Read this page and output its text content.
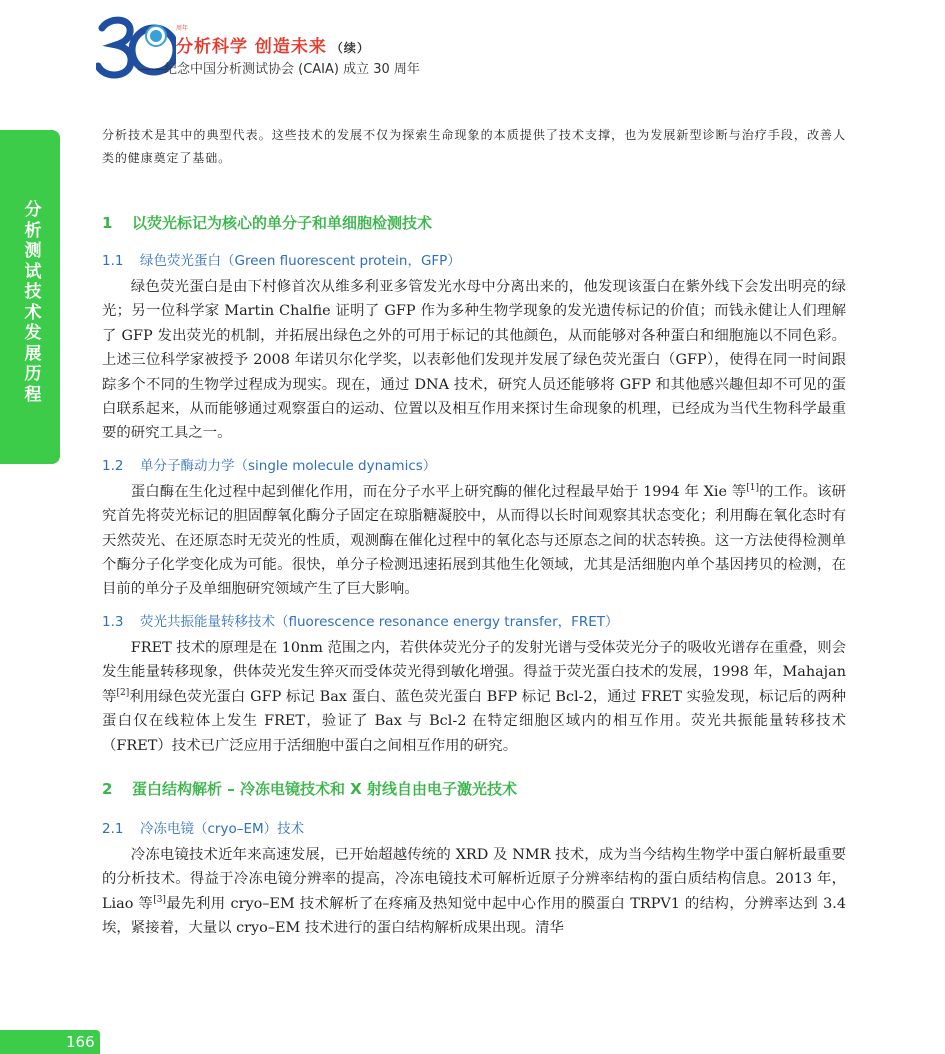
周年
分析科学 创造未来 （续）
——纪念中国分析测试协会 (CAIA) 成立 30 周年
分析测试技术发展历程

分析技术是其中的典型代表。这些技术的发展不仅为探索生命现象的本质提供了技术支撑，也为发展新型诊断与治疗手段，改善人类的健康奠定了基础。

1 以荧光标记为核心的单分子和单细胞检测技术
1.1 绿色荧光蛋白（Green fluorescent protein，GFP）

绿色荧光蛋白是由下村修首次从维多利亚多管发光水母中分离出来的，他发现该蛋白在紫外线下会发出明亮的绿光；另一位科学家 Martin Chalfie 证明了 GFP 作为多种生物学现象的发光遗传标记的价值；而钱永健让人们理解了 GFP 发出荧光的机制，并拓展出绿色之外的可用于标记的其他颜色，从而能够对各种蛋白和细胞施以不同色彩。上述三位科学家被授予 2008 年诺贝尔化学奖，以表彰他们发现并发展了绿色荧光蛋白（GFP），使得在同一时间跟踪多个不同的生物学过程成为现实。现在，通过 DNA 技术，研究人员还能够将 GFP 和其他感兴趣但却不可见的蛋白联系起来，从而能够通过观察蛋白的运动、位置以及相互作用来探讨生命现象的机理，已经成为当代生物科学最重要的研究工具之一。

1.2 单分子酶动力学（single molecule dynamics）

蛋白酶在生化过程中起到催化作用，而在分子水平上研究酶的催化过程最早始于 1994 年 Xie 等[1]的工作。该研究首先将荧光标记的胆固醇氧化酶分子固定在琼脂糖凝胶中，从而得以长时间观察其状态变化；利用酶在氧化态时有天然荧光、在还原态时无荧光的性质，观测酶在催化过程中的氧化态与还原态之间的状态转换。这一方法使得检测单个酶分子化学变化成为可能。很快，单分子检测迅速拓展到其他生化领域，尤其是活细胞内单个基因拷贝的检测，在目前的单分子及单细胞研究领域产生了巨大影响。

1.3 荧光共振能量转移技术（fluorescence resonance energy transfer，FRET）

FRET 技术的原理是在 10nm 范围之内，若供体荧光分子的发射光谱与受体荧光分子的吸收光谱存在重叠，则会发生能量转移现象，供体荧光发生猝灭而受体荧光得到敏化增强。得益于荧光蛋白技术的发展，1998 年，Mahajan 等[2]利用绿色荧光蛋白 GFP 标记 Bax 蛋白、蓝色荧光蛋白 BFP 标记 Bcl-2，通过 FRET 实验发现，标记后的两种蛋白仅在线粒体上发生 FRET，验证了 Bax 与 Bcl-2 在特定细胞区域内的相互作用。荧光共振能量转移技术（FRET）技术已广泛应用于活细胞中蛋白之间相互作用的研究。

2 蛋白结构解析 – 冷冻电镜技术和 X 射线自由电子激光技术
2.1 冷冻电镜（cryo–EM）技术

冷冻电镜技术近年来高速发展，已开始超越传统的 XRD 及 NMR 技术，成为当今结构生物学中蛋白解析最重要的分析技术。得益于冷冻电镜分辨率的提高，冷冻电镜技术可解析近原子分辨率结构的蛋白质结构信息。2013 年，Liao 等[3]最先利用 cryo–EM 技术解析了在疼痛及热知觉中起中心作用的膜蛋白 TRPV1 的结构，分辨率达到 3.4 埃，紧接着，大量以 cryo–EM 技术进行的蛋白结构解析成果出现。清华

166
